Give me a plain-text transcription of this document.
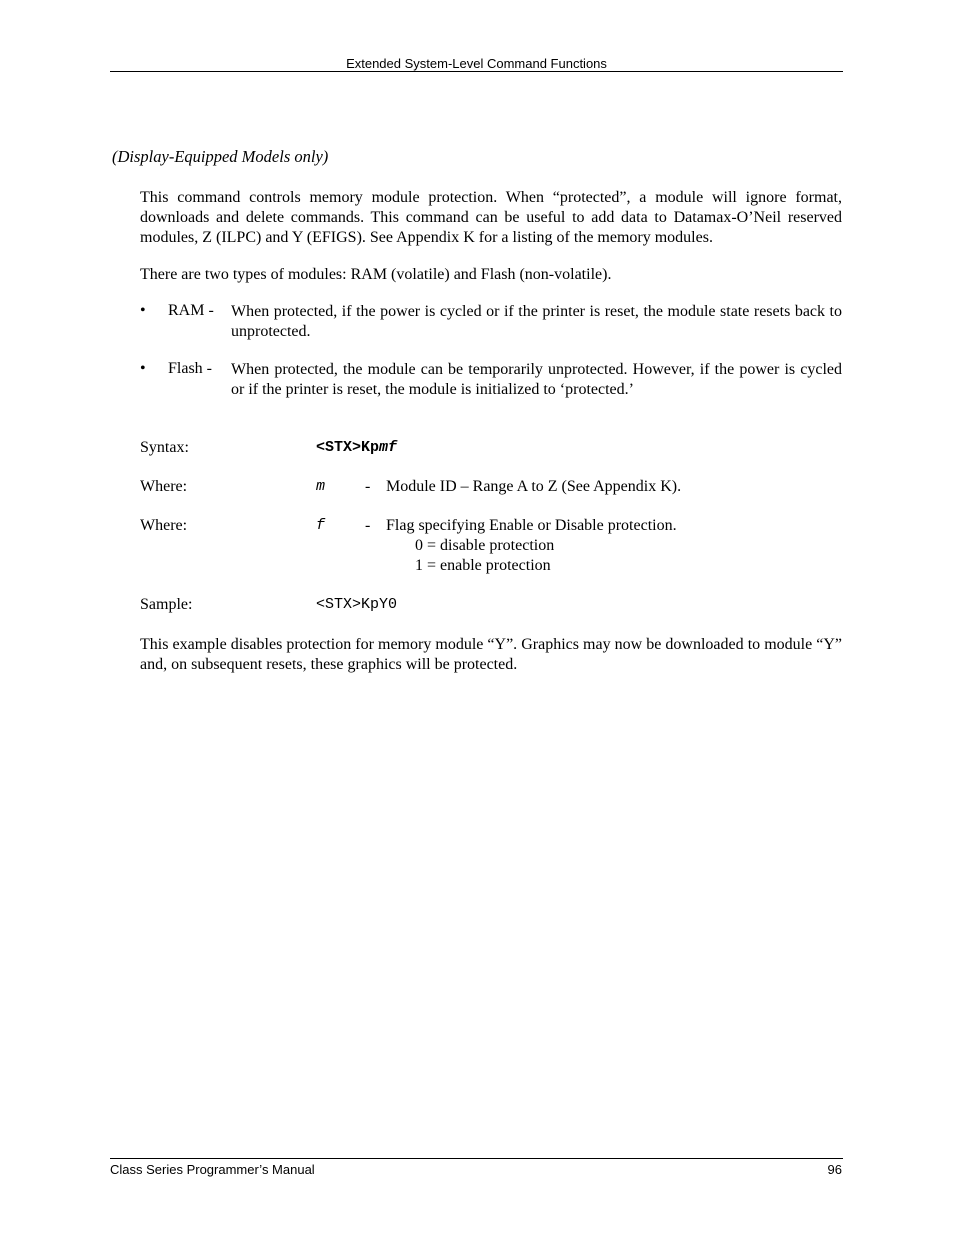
Extended System-Level Command Functions
(Display-Equipped Models only)
This command controls memory module protection. When “protected”, a module will ignore format, downloads and delete commands. This command can be useful to add data to Datamax-O’Neil reserved modules, Z (ILPC) and Y (EFIGS). See Appendix K for a listing of the memory modules.
There are two types of modules: RAM (volatile) and Flash (non-volatile).
• RAM - When protected, if the power is cycled or if the printer is reset, the module state resets back to unprotected.
• Flash - When protected, the module can be temporarily unprotected. However, if the power is cycled or if the printer is reset, the module is initialized to ‘protected.’
Syntax:	<STX>Kpmf
Where:	m - Module ID – Range A to Z (See Appendix K).
Where:	f - Flag specifying Enable or Disable protection.
0 = disable protection
1 = enable protection
Sample:	<STX>KpY0
This example disables protection for memory module “Y”. Graphics may now be downloaded to module “Y” and, on subsequent resets, these graphics will be protected.
Class Series Programmer’s Manual	96
